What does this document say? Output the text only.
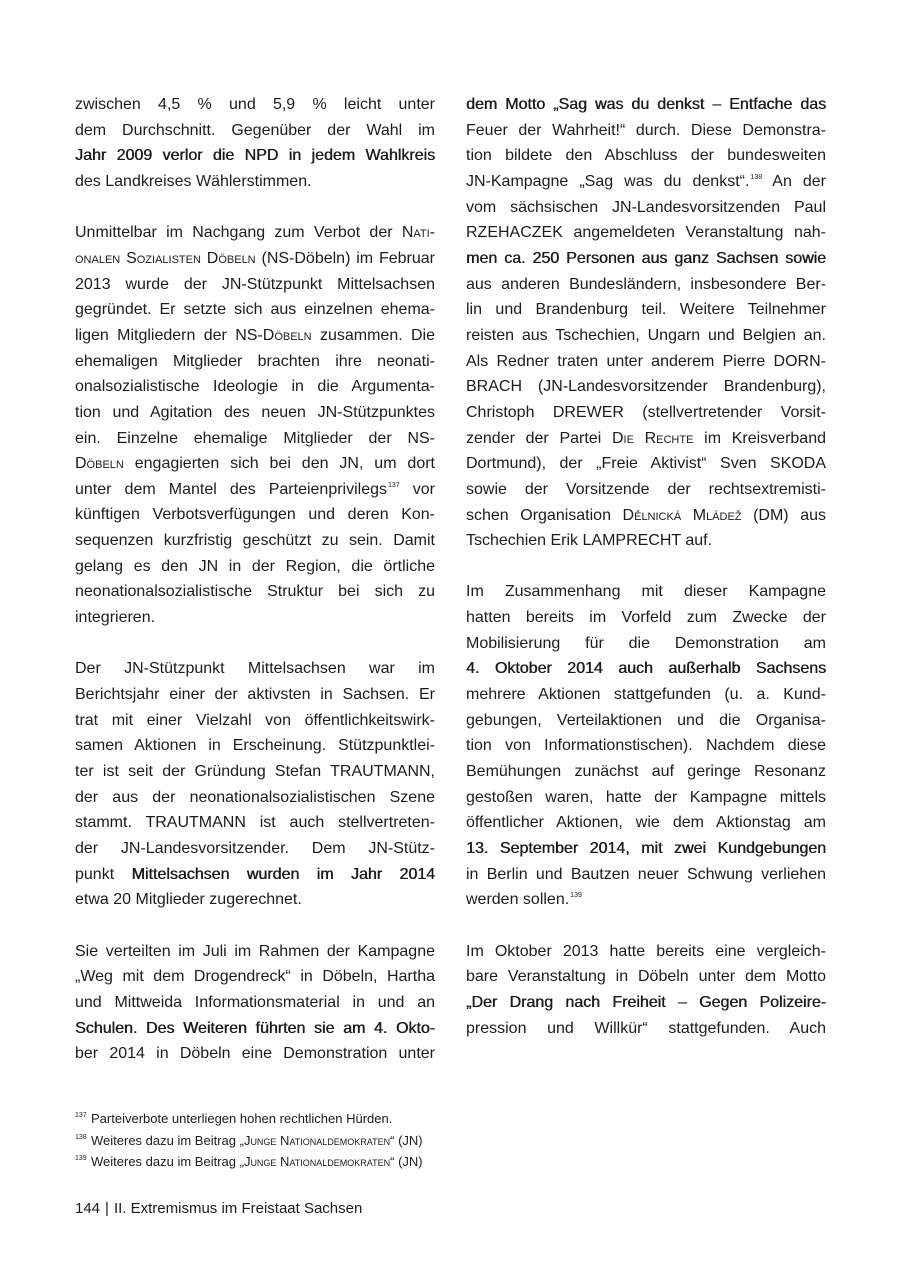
zwischen 4,5 % und 5,9 % leicht unter
dem Durchschnitt. Gegenüber der Wahl im
Jahr 2009 verlor die NPD in jedem Wahlkreis
des Landkreises Wählerstimmen.
Unmittelbar im Nachgang zum Verbot der Nati-
onalen Sozialisten Döbeln (NS-Döbeln) im Februar
2013 wurde der JN-Stützpunkt Mittelsachsen
gegründet. Er setzte sich aus einzelnen ehema-
ligen Mitgliedern der NS-Döbeln zusammen. Die
ehemaligen Mitglieder brachten ihre neonati-
onalsozialistische Ideologie in die Argumenta-
tion und Agitation des neuen JN-Stützpunktes
ein. Einzelne ehemalige Mitglieder der NS-
Döbeln engagierten sich bei den JN, um dort
unter dem Mantel des Parteienprivilegs$^{137}$ vor
künftigen Verbotsverfügungen und deren Kon-
sequenzen kurzfristig geschützt zu sein. Damit
gelang es den JN in der Region, die örtliche
neonationalsozialistische Struktur bei sich zu
integrieren.
Der JN-Stützpunkt Mittelsachsen war im
Berichtsjahr einer der aktivsten in Sachsen. Er
trat mit einer Vielzahl von öffentlichkeitswirk-
samen Aktionen in Erscheinung. Stützpunktlei-
ter ist seit der Gründung Stefan TRAUTMANN,
der aus der neonationalsozialistischen Szene
stammt. TRAUTMANN ist auch stellvertreten-
der JN-Landesvorsitzender. Dem JN-Stütz-
punkt Mittelsachsen wurden im Jahr 2014
etwa 20 Mitglieder zugerechnet.
Sie verteilten im Juli im Rahmen der Kampagne
„Weg mit dem Drogendreck“ in Döbeln, Hartha
und Mittweida Informationsmaterial in und an
Schulen. Des Weiteren führten sie am 4. Okto-
ber 2014 in Döbeln eine Demonstration unter
dem Motto „Sag was du denkst – Entfache das
Feuer der Wahrheit!“ durch. Diese Demonstra-
tion bildete den Abschluss der bundesweiten
JN-Kampagne „Sag was du denkst“.$^{138}$ An der
vom sächsischen JN-Landesvorsitzenden Paul
RZEHACZEK angemeldeten Veranstaltung nah-
men ca. 250 Personen aus ganz Sachsen sowie
aus anderen Bundesländern, insbesondere Ber-
lin und Brandenburg teil. Weitere Teilnehmer
reisten aus Tschechien, Ungarn und Belgien an.
Als Redner traten unter anderem Pierre DORN-
BRACH (JN-Landesvorsitzender Brandenburg),
Christoph DREWER (stellvertretender Vorsit-
zender der Partei Die Rechte im Kreisverband
Dortmund), der „Freie Aktivist“ Sven SKODA
sowie der Vorsitzende der rechtsextremisti-
schen Organisation Dělnická Mládež (DM) aus
Tschechien Erik LAMPRECHT auf.
Im Zusammenhang mit dieser Kampagne
hatten bereits im Vorfeld zum Zwecke der
Mobilisierung für die Demonstration am
4. Oktober 2014 auch außerhalb Sachsens
mehrere Aktionen stattgefunden (u. a. Kund-
gebungen, Verteilaktionen und die Organisa-
tion von Informationstischen). Nachdem diese
Bemühungen zunächst auf geringe Resonanz
gestoßen waren, hatte der Kampagne mittels
öffentlicher Aktionen, wie dem Aktionstag am
13. September 2014, mit zwei Kundgebungen
in Berlin und Bautzen neuer Schwung verliehen
werden sollen.$^{139}$
Im Oktober 2013 hatte bereits eine vergleich-
bare Veranstaltung in Döbeln unter dem Motto
„Der Drang nach Freiheit – Gegen Polizeire-
pression und Willkür“ stattgefunden. Auch
137 Parteiverbote unterliegen hohen rechtlichen Hürden.
138 Weiteres dazu im Beitrag „Junge Nationaldemokraten“ (JN)
139 Weiteres dazu im Beitrag „Junge Nationaldemokraten“ (JN)
144 | II. Extremismus im Freistaat Sachsen
